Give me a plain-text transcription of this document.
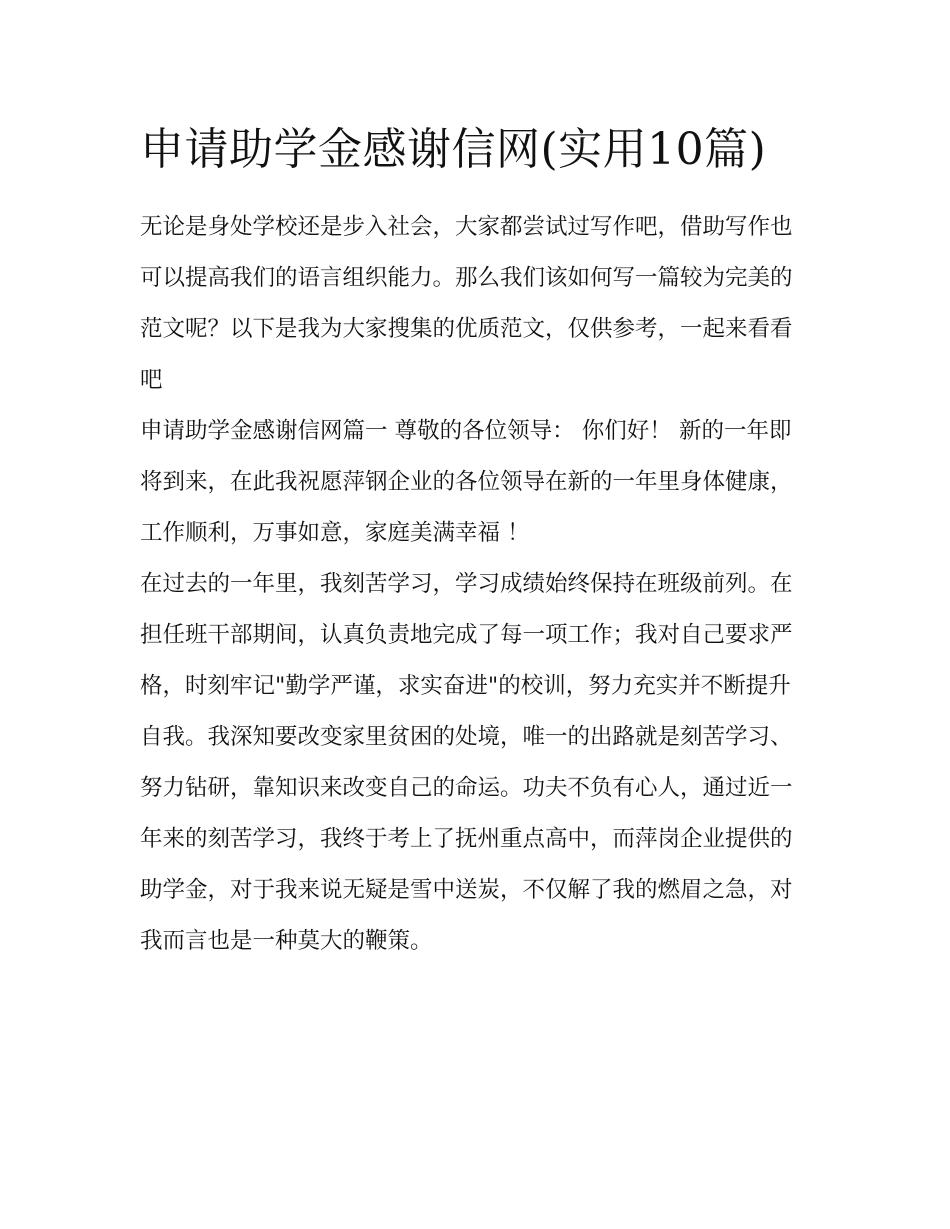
申请助学金感谢信网(实用10篇)

无论是身处学校还是步入社会，大家都尝试过写作吧，借助写作也可以提高我们的语言组织能力。那么我们该如何写一篇较为完美的范文呢？以下是我为大家搜集的优质范文，仅供参考，一起来看看吧

申请助学金感谢信网篇一 尊敬的各位领导： 你们好！ 新的一年即将到来，在此我祝愿萍钢企业的各位领导在新的一年里身体健康，工作顺利，万事如意，家庭美满幸福 ！

在过去的一年里，我刻苦学习，学习成绩始终保持在班级前列。在担任班干部期间，认真负责地完成了每一项工作；我对自己要求严格，时刻牢记"勤学严谨，求实奋进"的校训，努力充实并不断提升自我。我深知要改变家里贫困的处境，唯一的出路就是刻苦学习、努力钻研，靠知识来改变自己的命运。功夫不负有心人，通过近一年来的刻苦学习，我终于考上了抚州重点高中，而萍岗企业提供的助学金，对于我来说无疑是雪中送炭，不仅解了我的燃眉之急，对我而言也是一种莫大的鞭策。
